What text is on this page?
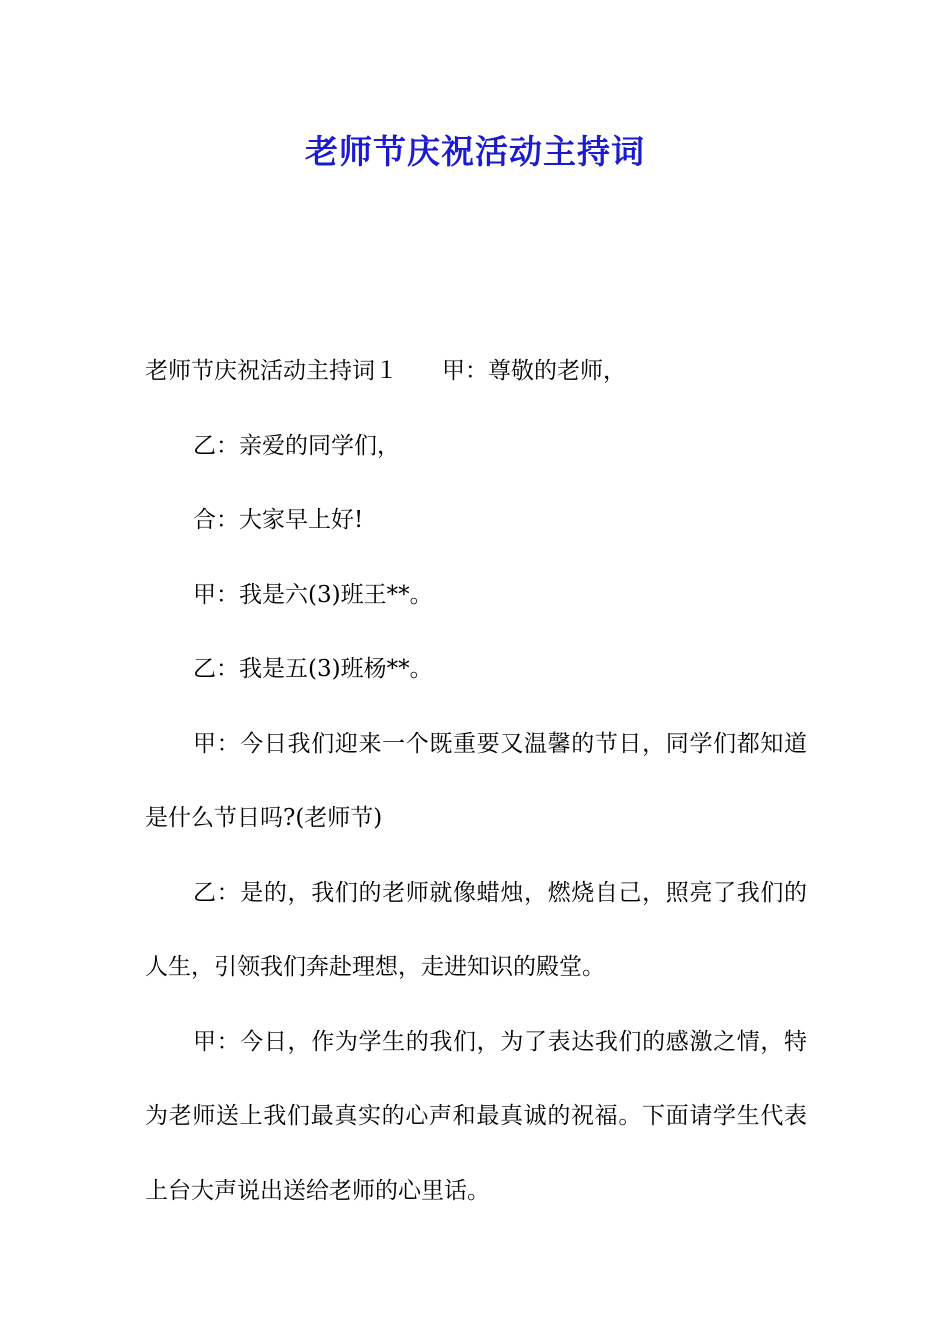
老师节庆祝活动主持词

老师节庆祝活动主持词１ 甲：尊敬的老师，

乙：亲爱的同学们，

合：大家早上好!

甲：我是六(3)班王**。

乙：我是五(3)班杨**。

甲：今日我们迎来一个既重要又温馨的节日，同学们都知道是什么节日吗?(老师节)

乙：是的，我们的老师就像蜡烛，燃烧自己，照亮了我们的人生，引领我们奔赴理想，走进知识的殿堂。

甲：今日，作为学生的我们，为了表达我们的感激之情，特为老师送上我们最真实的心声和最真诚的祝福。下面请学生代表上台大声说出送给老师的心里话。
